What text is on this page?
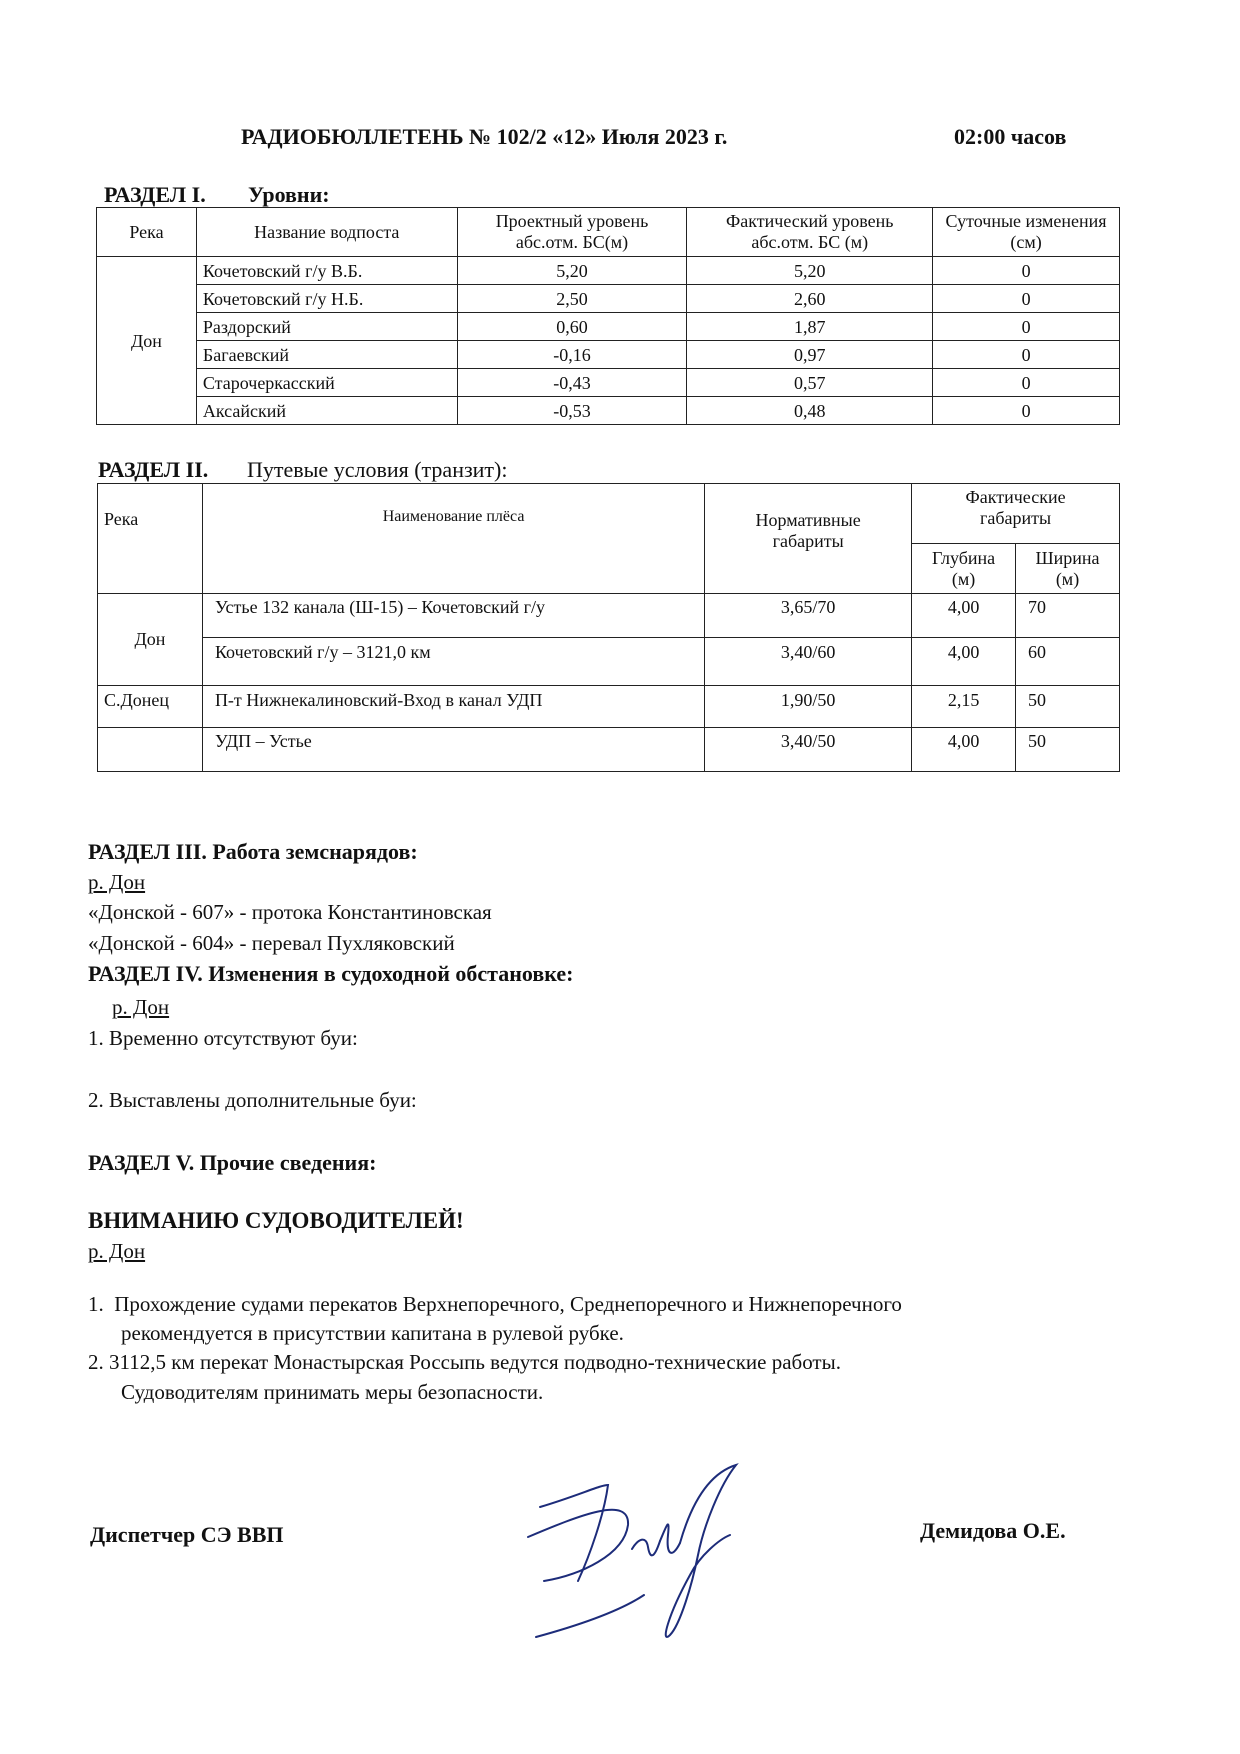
РАДИОБЮЛЛЕТЕНЬ № 102/2 «12» Июля 2023 г.	02:00 часов
РАЗДЕЛ I. Уровни:
Река	Название водпоста	Проектный уровень абс.отм. БС(м)	Фактический уровень абс.отм. БС (м)	Суточные изменения (см)
Дон	Кочетовский г/у В.Б.	5,20	5,20	0
	Кочетовский г/у Н.Б.	2,50	2,60	0
	Раздорский	0,60	1,87	0
	Багаевский	-0,16	0,97	0
	Старочеркасский	-0,43	0,57	0
	Аксайский	-0,53	0,48	0
РАЗДЕЛ II. Путевые условия (транзит):
Река	Наименование плёса	Нормативные габариты	Фактические габариты	
			Глубина (м)	Ширина (м)
Дон	Устье 132 канала (Ш-15) – Кочетовский г/у	3,65/70	4,00	70
	Кочетовский г/у – 3121,0 км	3,40/60	4,00	60
С.Донец	П-т Нижнекалиновский-Вход в канал УДП	1,90/50	2,15	50
	УДП – Устье	3,40/50	4,00	50
РАЗДЕЛ III. Работа земснарядов:
р. Дон
«Донской - 607» - протока Константиновская
«Донской - 604» - перевал Пухляковский
РАЗДЕЛ IV. Изменения в судоходной обстановке:
р. Дон
1. Временно отсутствуют буи:
2. Выставлены дополнительные буи:
РАЗДЕЛ V. Прочие сведения:
ВНИМАНИЮ СУДОВОДИТЕЛЕЙ!
р. Дон
1.  Прохождение судами перекатов Верхнепоречного, Среднепоречного и Нижнепоречного
рекомендуется в присутствии капитана в рулевой рубке.
2. 3112,5 км перекат Монастырская Россыпь ведутся подводно-технические работы.
Судоводителям принимать меры безопасности.
Диспетчер СЭ ВВП	Демидова О.Е.
